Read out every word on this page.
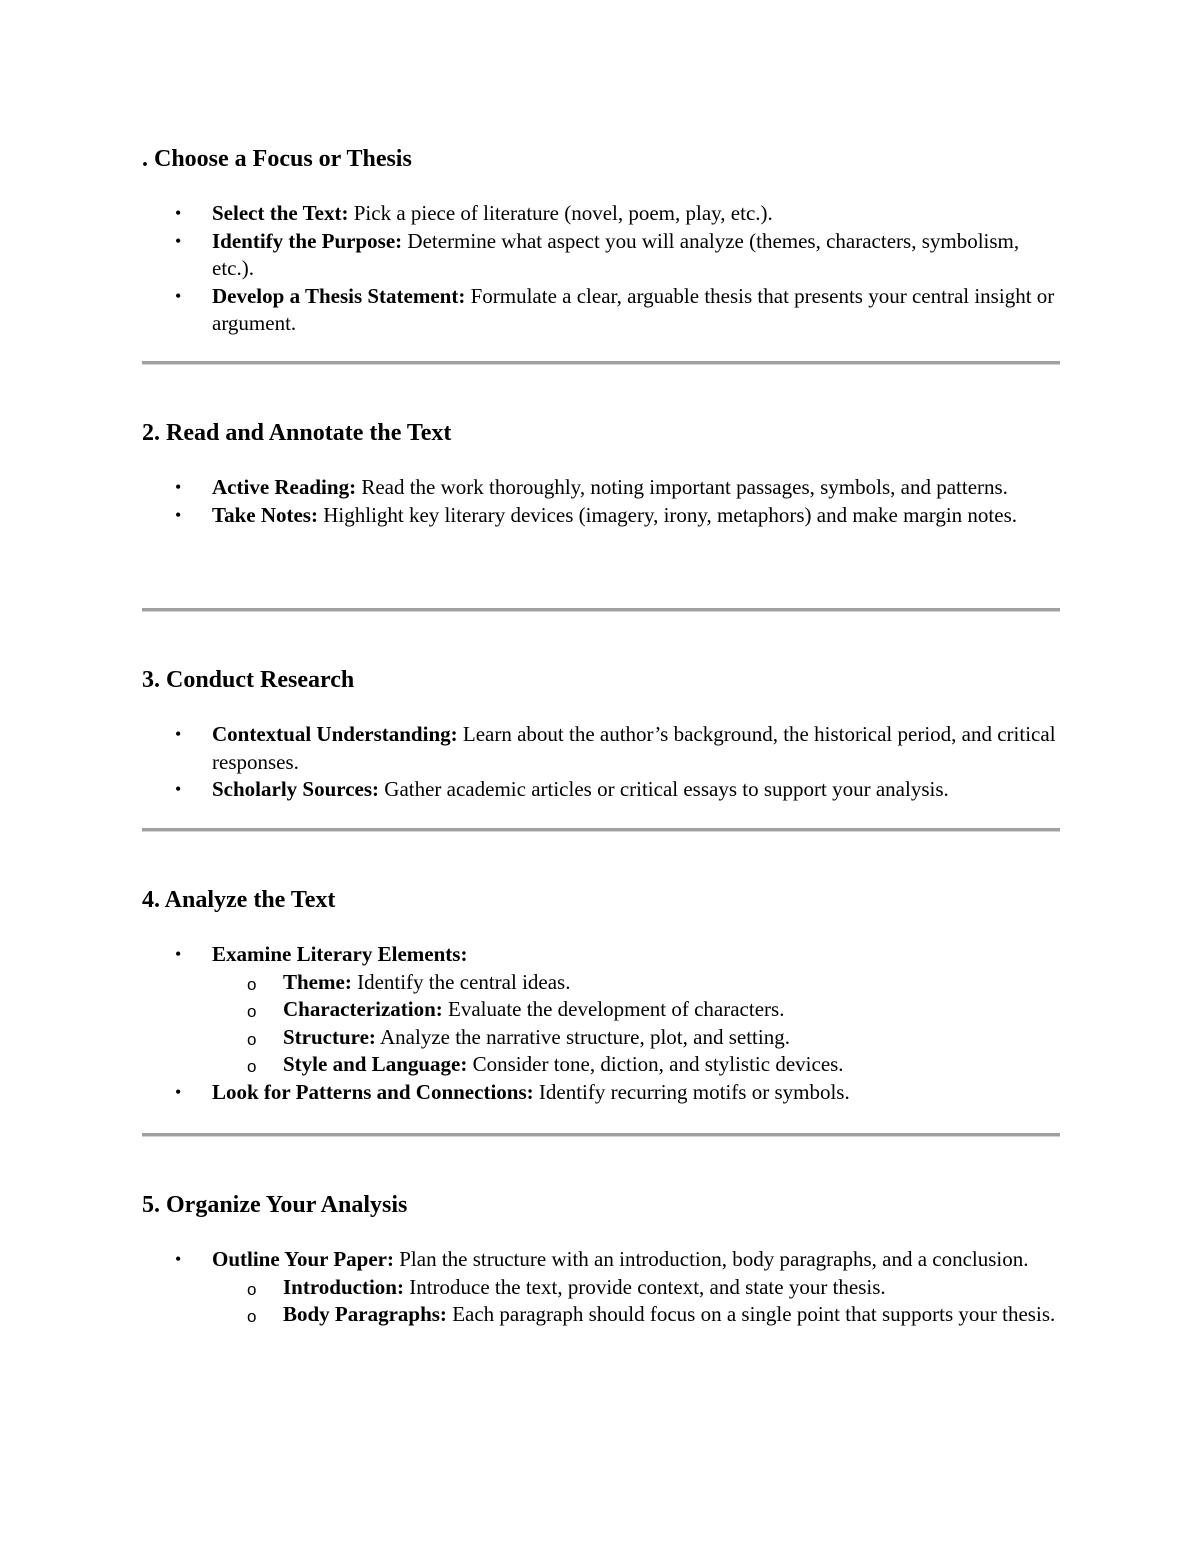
. Choose a Focus or Thesis
• Select the Text: Pick a piece of literature (novel, poem, play, etc.).
• Identify the Purpose: Determine what aspect you will analyze (themes, characters, symbolism, etc.).
• Develop a Thesis Statement: Formulate a clear, arguable thesis that presents your central insight or argument.
2. Read and Annotate the Text
• Active Reading: Read the work thoroughly, noting important passages, symbols, and patterns.
• Take Notes: Highlight key literary devices (imagery, irony, metaphors) and make margin notes.
3. Conduct Research
• Contextual Understanding: Learn about the author’s background, the historical period, and critical responses.
• Scholarly Sources: Gather academic articles or critical essays to support your analysis.
4. Analyze the Text
• Examine Literary Elements:
o	Theme: Identify the central ideas.
o	Characterization: Evaluate the development of characters.
o	Structure: Analyze the narrative structure, plot, and setting.
o	Style and Language: Consider tone, diction, and stylistic devices.
• Look for Patterns and Connections: Identify recurring motifs or symbols.
5. Organize Your Analysis
• Outline Your Paper: Plan the structure with an introduction, body paragraphs, and a conclusion.
o	Introduction: Introduce the text, provide context, and state your thesis.
o	Body Paragraphs: Each paragraph should focus on a single point that supports your thesis.
